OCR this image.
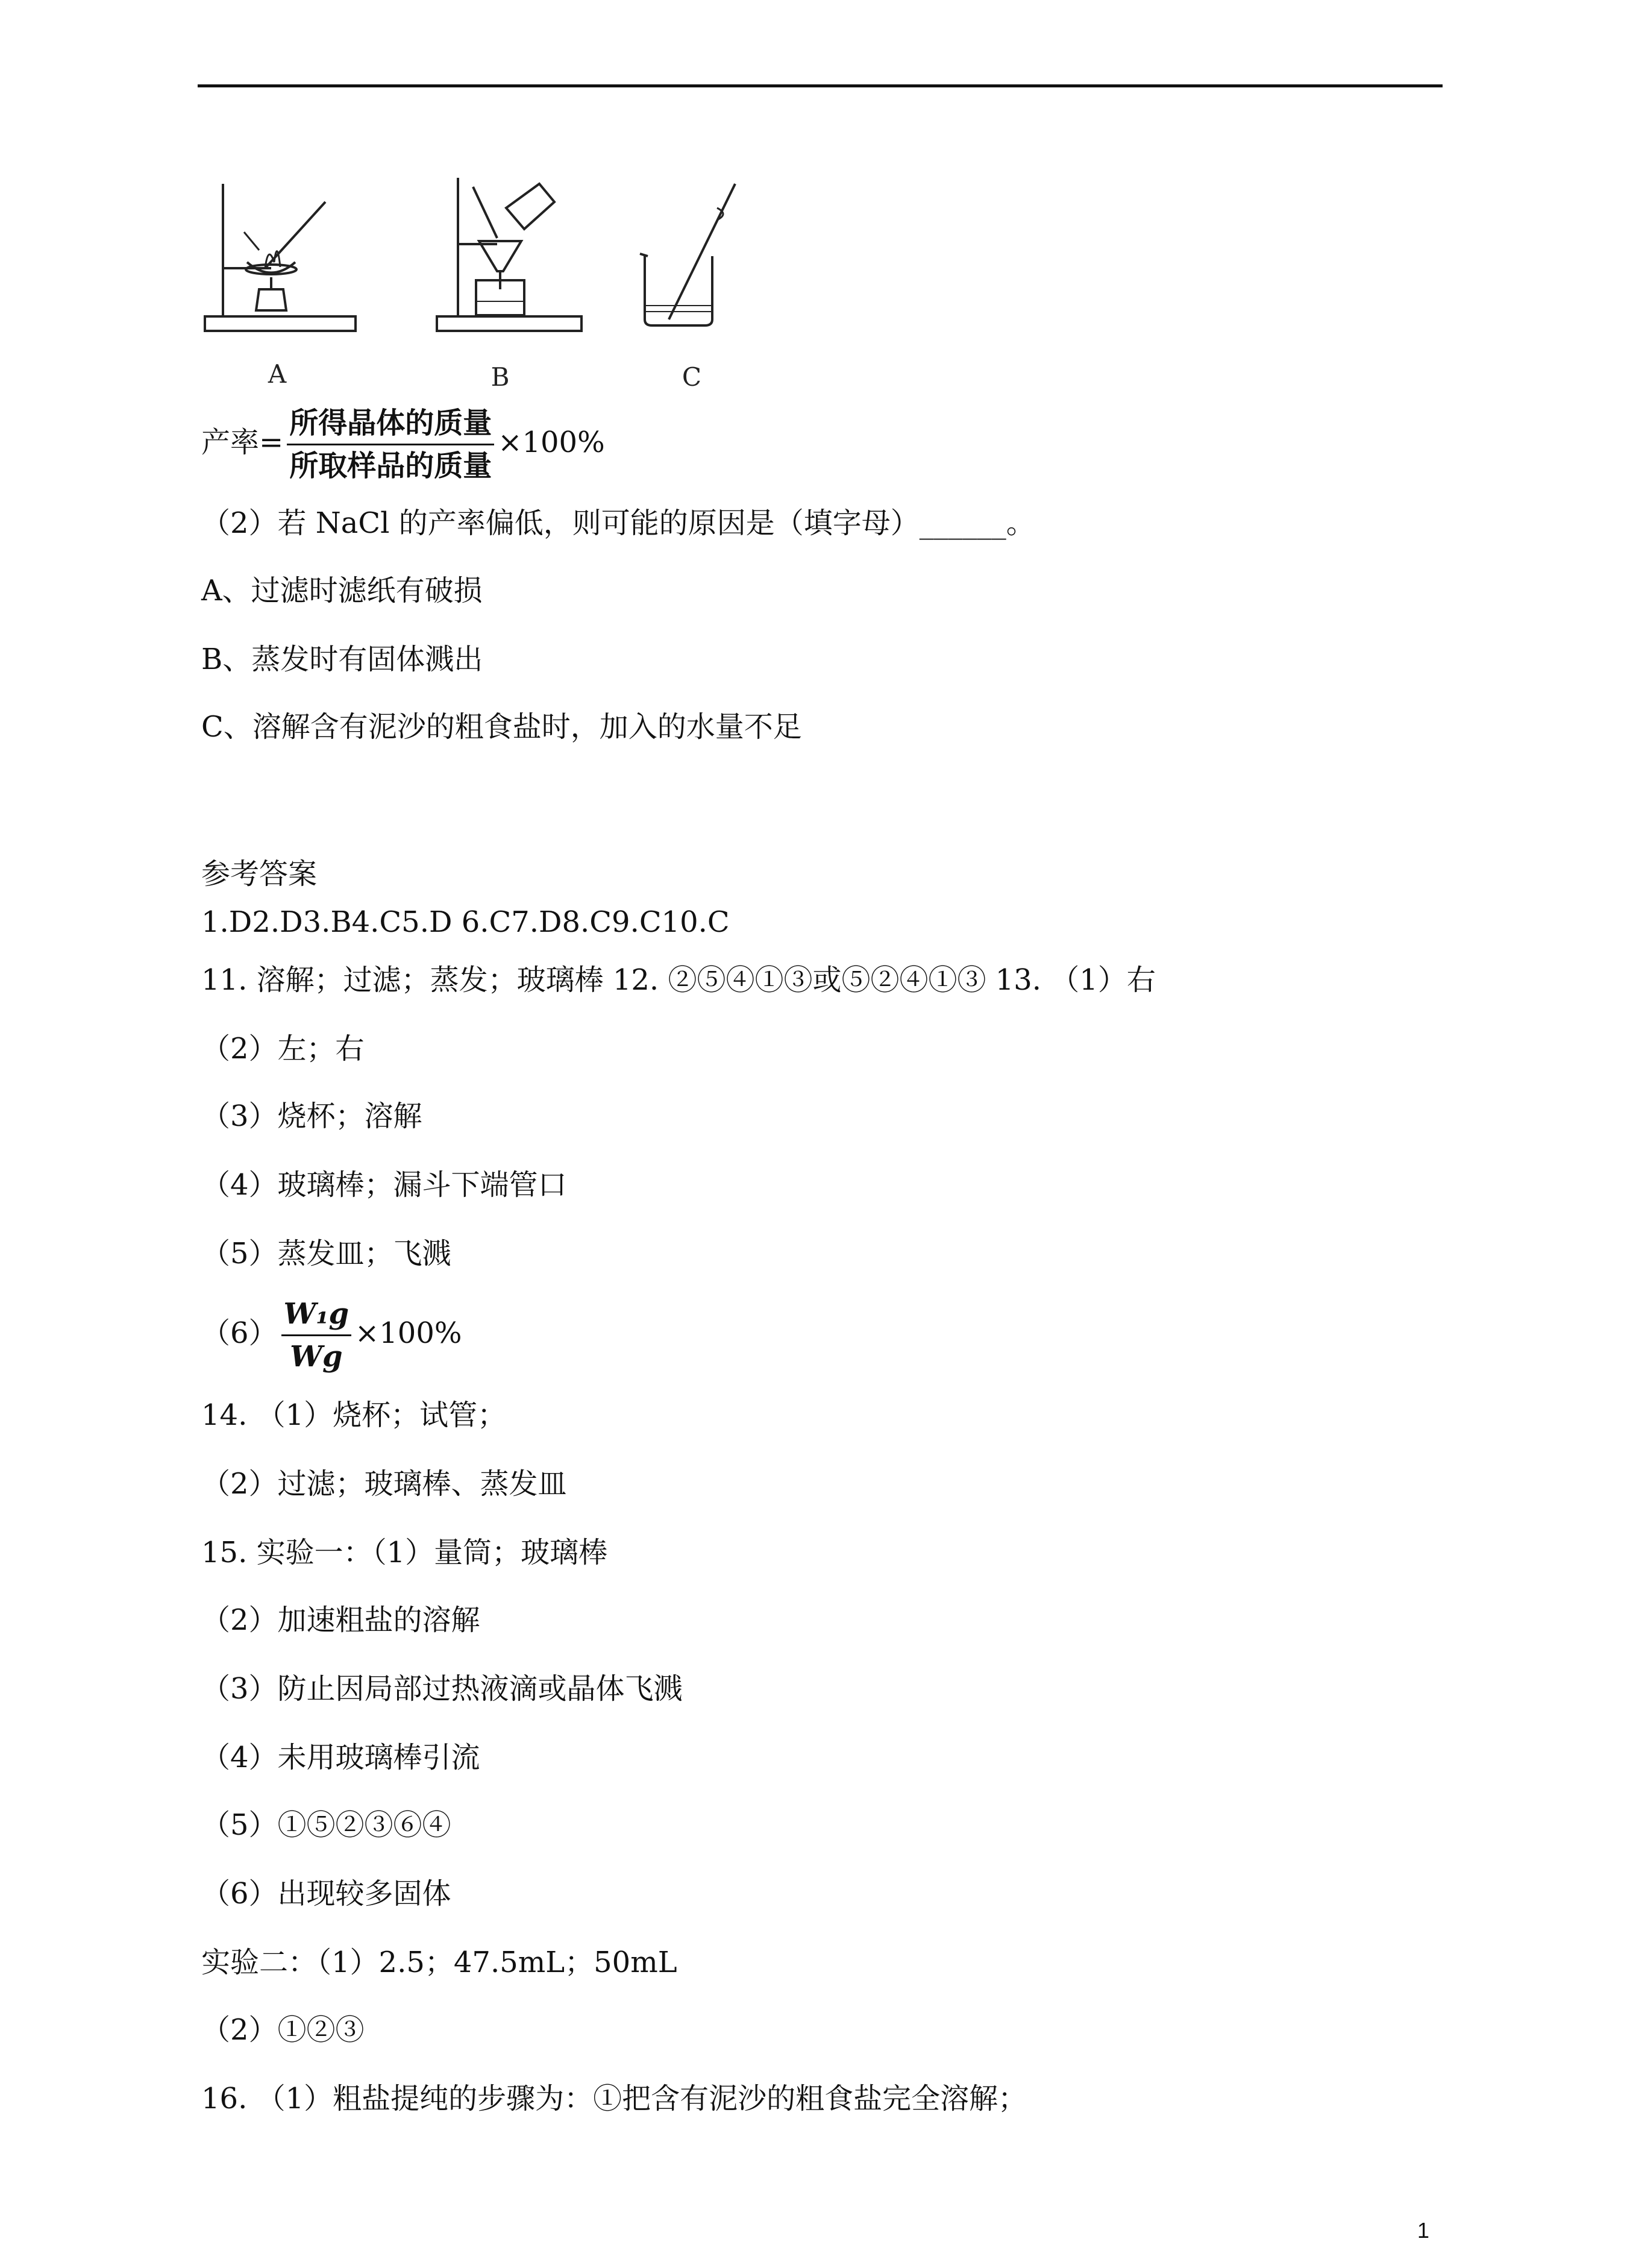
A	B	C
产率= $\frac{\text{所得晶体的质量}}{\text{所取样品的质量}} \times 100\%$
（2）若 NaCl 的产率偏低，则可能的原因是（填字母）______。
A、过滤时滤纸有破损
B、蒸发时有固体溅出
C、溶解含有泥沙的粗食盐时，加入的水量不足
参考答案
1.D2.D3.B4.C5.D 6.C7.D8.C9.C10.C
11. 溶解；过滤；蒸发；玻璃棒 12. ②⑤④①③或⑤②④①③ 13. （1）右
（2）左；右
（3）烧杯；溶解
（4）玻璃棒；漏斗下端管口
（5）蒸发皿；飞溅
$(6) \frac{\text{W₁g}}{Wg} \times 100\%$
14. （1）烧杯；试管；
（2）过滤；玻璃棒、蒸发皿
15. 实验一：（1）量筒；玻璃棒
（2）加速粗盐的溶解
（3）防止因局部过热液滴或晶体飞溅
（4）未用玻璃棒引流
（5）①⑤②③⑥④
（6）出现较多固体
实验二：（1）2.5；47.5mL；50mL
（2）①②③
16. （1）粗盐提纯的步骤为：①把含有泥沙的粗食盐完全溶解；
1
